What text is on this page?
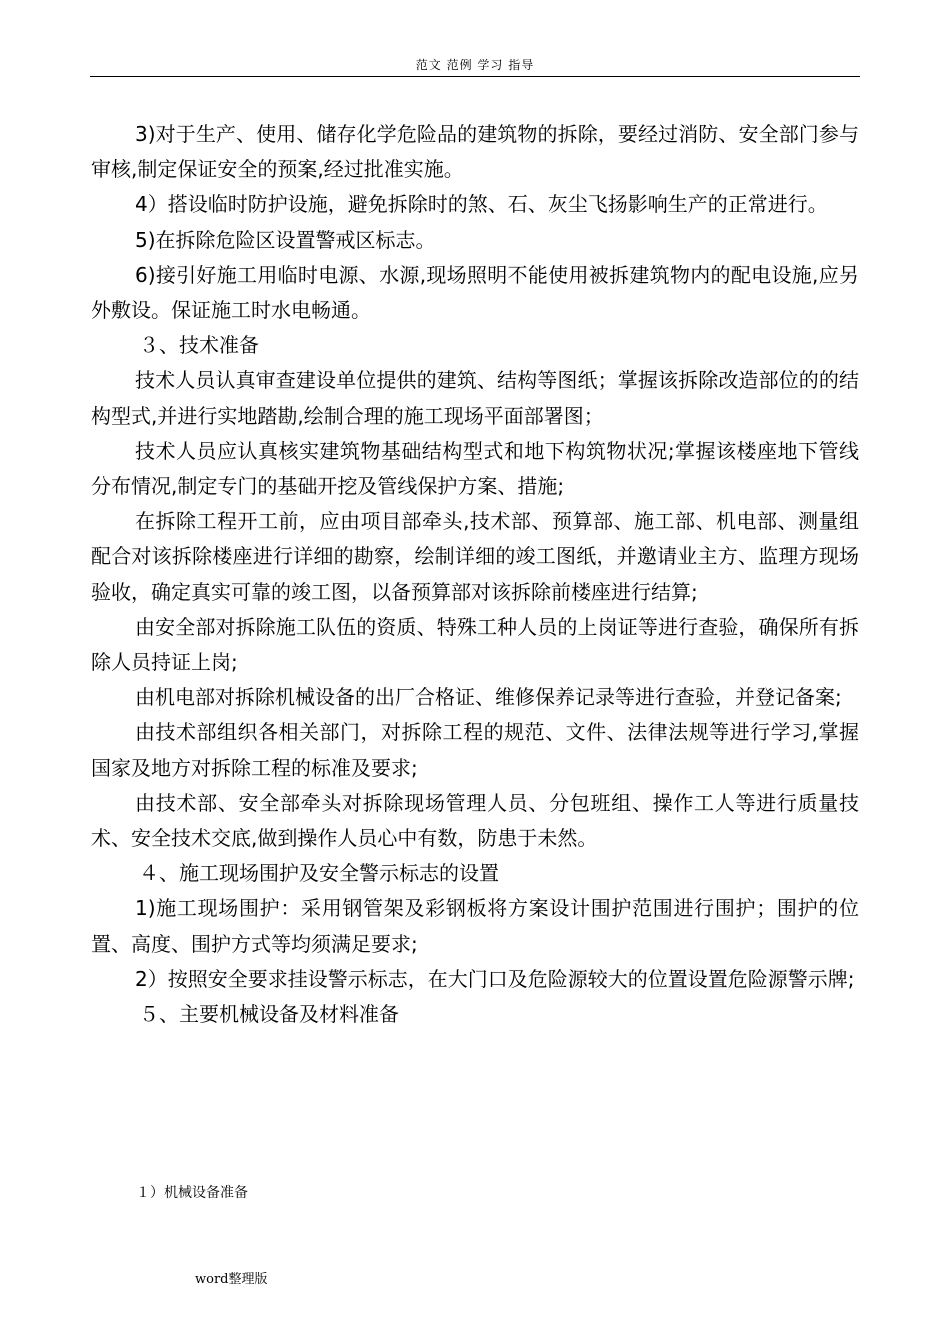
范文 范例 学习 指导

3)对于生产、使用、储存化学危险品的建筑物的拆除，要经过消防、安全部门参与审核,制定保证安全的预案,经过批准实施。

4）搭设临时防护设施，避免拆除时的煞、石、灰尘飞扬影响生产的正常进行。

5)在拆除危险区设置警戒区标志。

6)接引好施工用临时电源、水源,现场照明不能使用被拆建筑物内的配电设施,应另外敷设。保证施工时水电畅通。

３、技术准备

技术人员认真审查建设单位提供的建筑、结构等图纸；掌握该拆除改造部位的的结构型式,并进行实地踏勘,绘制合理的施工现场平面部署图；

技术人员应认真核实建筑物基础结构型式和地下构筑物状况;掌握该楼座地下管线分布情况,制定专门的基础开挖及管线保护方案、措施;

在拆除工程开工前，应由项目部牵头,技术部、预算部、施工部、机电部、测量组配合对该拆除楼座进行详细的勘察，绘制详细的竣工图纸，并邀请业主方、监理方现场验收，确定真实可靠的竣工图，以备预算部对该拆除前楼座进行结算;

由安全部对拆除施工队伍的资质、特殊工种人员的上岗证等进行查验，确保所有拆除人员持证上岗;

由机电部对拆除机械设备的出厂合格证、维修保养记录等进行查验，并登记备案;

由技术部组织各相关部门，对拆除工程的规范、文件、法律法规等进行学习,掌握国家及地方对拆除工程的标准及要求;

由技术部、安全部牵头对拆除现场管理人员、分包班组、操作工人等进行质量技术、安全技术交底,做到操作人员心中有数，防患于未然。

４、施工现场围护及安全警示标志的设置

1)施工现场围护：采用钢管架及彩钢板将方案设计围护范围进行围护；围护的位置、高度、围护方式等均须满足要求;

2）按照安全要求挂设警示标志，在大门口及危险源较大的位置设置危险源警示牌;

５、主要机械设备及材料准备

１）机械设备准备
word整理版
